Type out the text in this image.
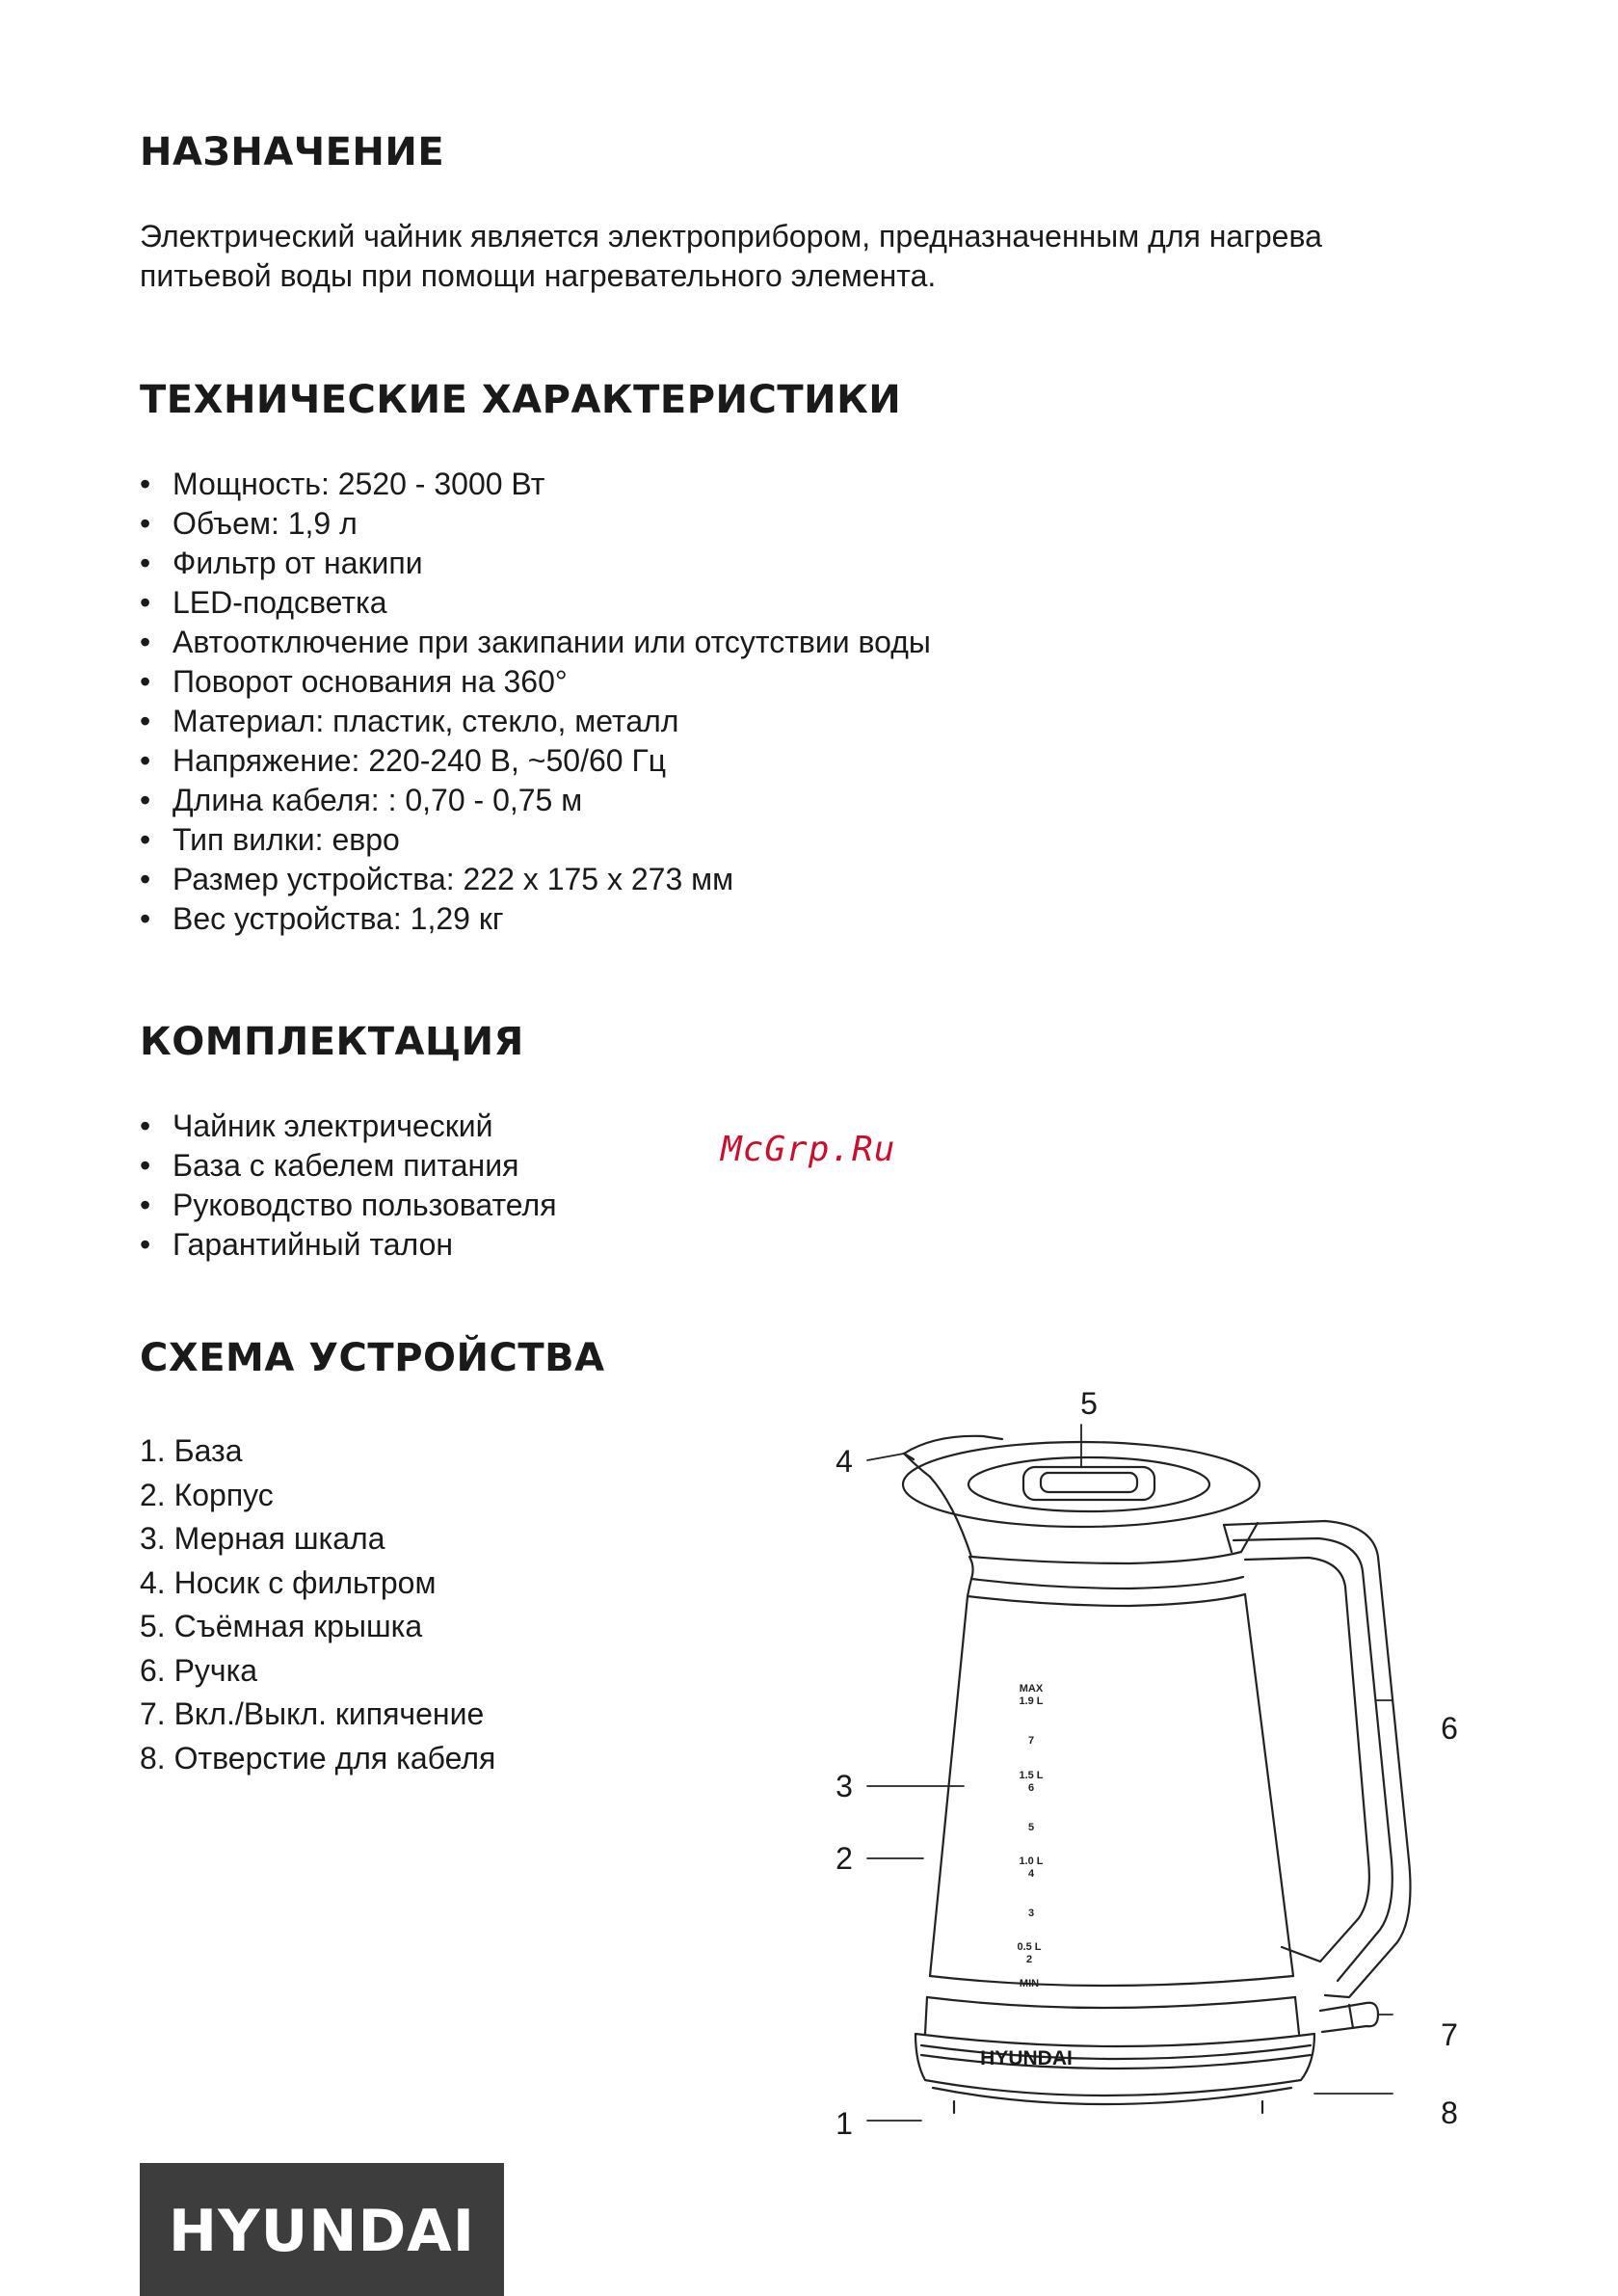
НАЗНАЧЕНИЕ

Электрический чайник является электроприбором, предназначенным для нагрева
питьевой воды при помощи нагревательного элемента.

ТЕХНИЧЕСКИЕ ХАРАКТЕРИСТИКИ
• Мощность: 2520 - 3000 Вт
• Объем: 1,9 л
• Фильтр от накипи
• LED-подсветка
• Автоотключение при закипании или отсутствии воды
• Поворот основания на 360°
• Материал: пластик, стекло, металл
• Напряжение: 220-240 В, ~50/60 Гц
• Длина кабеля: : 0,70 - 0,75 м
• Тип вилки: евро
• Размер устройства: 222 x 175 x 273 мм
• Вес устройства: 1,29 кг
КОМПЛЕКТАЦИЯ
• Чайник электрический
• База с кабелем питания
• Руководство пользователя
• Гарантийный талон
McGrp.Ru
СХЕМА УСТРОЙСТВА
1. База
2. Корпус
3. Мерная шкала
4. Носик с фильтром
5. Съёмная крышка
6. Ручка
7. Вкл./Выкл. кипячение
8. Отверстие для кабеля
MAX
1.9 L
7
1.5 L
6
5
1.0 L
4
3
0.5 L
2
MIN
HYUNDAI
1
2
3
4
5
6
7
8
HYUNDAI
